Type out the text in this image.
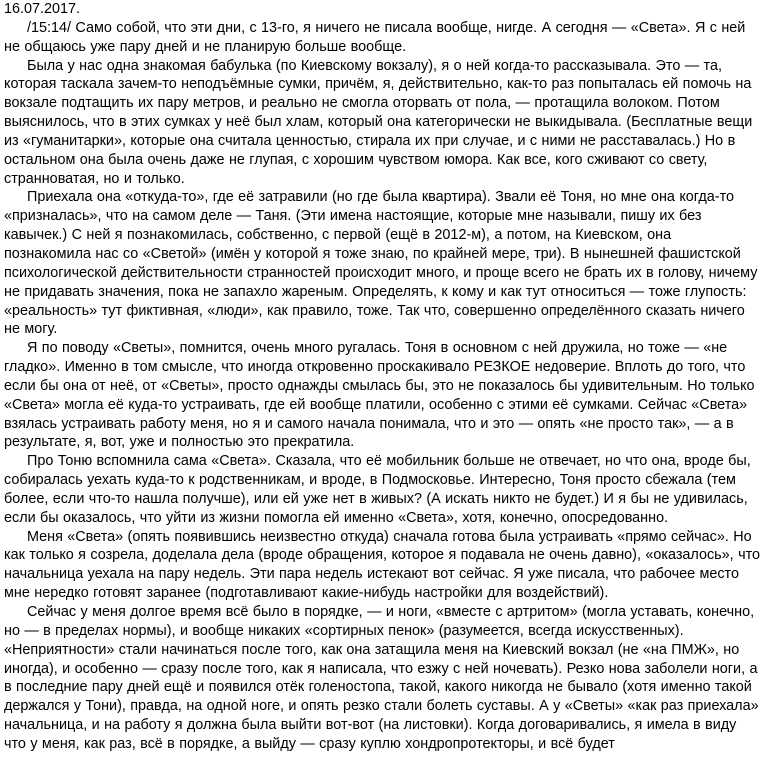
16.07.2017.

/15:14/ Само собой, что эти дни, с 13-го, я ничего не писала вообще, нигде. А сегодня — «Света». Я с ней не общаюсь уже пару дней и не планирую больше вообще.

Была у нас одна знакомая бабулька (по Киевскому вокзалу), я о ней когда-то рассказывала. Это — та, которая таскала зачем-то неподъёмные сумки, причём, я, действительно, как-то раз попыталась ей помочь на вокзале подтащить их пару метров, и реально не смогла оторвать от пола, — протащила волоком. Потом выяснилось, что в этих сумках у неё был хлам, который она категорически не выкидывала. (Бесплатные вещи из «гуманитарки», которые она считала ценностью, стирала их при случае, и с ними не расставалась.) Но в остальном она была очень даже не глупая, с хорошим чувством юмора. Как все, кого сживают со свету, странноватая, но и только.

Приехала она «откуда-то», где её затравили (но где была квартира). Звали её Тоня, но мне она когда-то «призналась», что на самом деле — Таня. (Эти имена настоящие, которые мне называли, пишу их без кавычек.) С ней я познакомилась, собственно, с первой (ещё в 2012-м), а потом, на Киевском, она познакомила нас со «Светой» (имён у которой я тоже знаю, по крайней мере, три). В нынешней фашистской психологической действительности странностей происходит много, и проще всего не брать их в голову, ничему не придавать значения, пока не запахло жареным. Определять, к кому и как тут относиться — тоже глупость: «реальность» тут фиктивная, «люди», как правило, тоже. Так что, совершенно определённого сказать ничего не могу.

Я по поводу «Светы», помнится, очень много ругалась. Тоня в основном с ней дружила, но тоже — «не гладко». Именно в том смысле, что иногда откровенно проскакивало РЕЗКОЕ недоверие. Вплоть до того, что если бы она от неё, от «Светы», просто однажды смылась бы, это не показалось бы удивительным. Но только «Света» могла её куда-то устраивать, где ей вообще платили, особенно с этими её сумками. Сейчас «Света» взялась устраивать работу меня, но я и самого начала понимала, что и это — опять «не просто так», — а в результате, я, вот, уже и полностью это прекратила.

Про Тоню вспомнила сама «Света». Сказала, что её мобильник больше не отвечает, но что она, вроде бы, собиралась уехать куда-то к родственникам, и вроде, в Подмосковье. Интересно, Тоня просто сбежала (тем более, если что-то нашла получше), или ей уже нет в живых? (А искать никто не будет.) И я бы не удивилась, если бы оказалось, что уйти из жизни помогла ей именно «Света», хотя, конечно, опосредованно.

Меня «Света» (опять появившись неизвестно откуда) сначала готова была устраивать «прямо сейчас». Но как только я созрела, доделала дела (вроде обращения, которое я подавала не очень давно), «оказалось», что начальница уехала на пару недель. Эти пара недель истекают вот сейчас. Я уже писала, что рабочее место мне нередко готовят заранее (подготавливают какие-нибудь настройки для воздействий).

Сейчас у меня долгое время всё было в порядке, — и ноги, «вместе с артритом» (могла уставать, конечно, но — в пределах нормы), и вообще никаких «сортирных пенок» (разумеется, всегда искусственных). «Неприятности» стали начинаться после того, как она затащила меня на Киевский вокзал (не «на ПМЖ», но иногда), и особенно — сразу после того, как я написала, что езжу с ней ночевать). Резко нова заболели ноги, а в последние пару дней ещё и появился отёк голеностопа, такой, какого никогда не бывало (хотя именно такой держался у Тони), правда, на одной ноге, и опять резко стали болеть суставы. А у «Светы» «как раз приехала» начальница, и на работу я должна была выйти вот-вот (на листовки). Когда договаривались, я имела в виду что у меня, как раз, всё в порядке, а выйду — сразу куплю хондропротекторы, и всё будет
